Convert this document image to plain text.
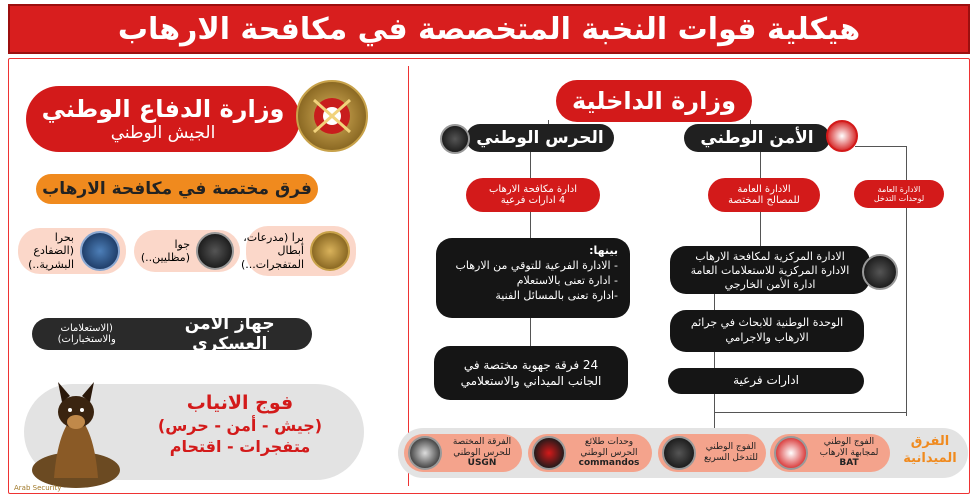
هيكلية قوات النخبة المتخصصة في مكافحة الارهاب
وزارة الدفاع الوطني
الجيش الوطني
فرق مختصة في مكافحة الارهاب
برا (مدرعات، أبطال المتفجرات...)
جوا (مظليين..)
بحرا (الضفادع البشرية..)
جهاز الأمن العسكري
(الاستعلامات والاستخبارات)
فوج الانياب
(جيش - أمن - حرس)
متفجرات - اقتحام
Arab Security
وزارة الداخلية
الحرس الوطني	الأمن الوطني
ادارة مكافحة الارهاب
4 ادارات فرعية
الادارة العامة
للمصالح المختصة
الادارة العامة
لوحدات التدخل
بينها:
- الادارة الفرعية للتوقي من الارهاب
- ادارة تعنى بالاستعلام
-ادارة تعنى بالمسائل الفنية
24 فرقة جهوية مختصة في الجانب الميداني والاستعلامي
الادارة المركزية لمكافحة الارهاب
الادارة المركزية للاستعلامات العامة
ادارة الأمن الخارجي
الوحدة الوطنية للابحاث في جرائم الارهاب والاجرامي
ادارات فرعية
الفرق الميدانية
الفوج الوطني لمجابهة الارهاب
BAT
الفوج الوطني للتدخل السريع
وحدات طلائع الحرس الوطني
commandos
الفرقة المختصة للحرس الوطني
USGN
